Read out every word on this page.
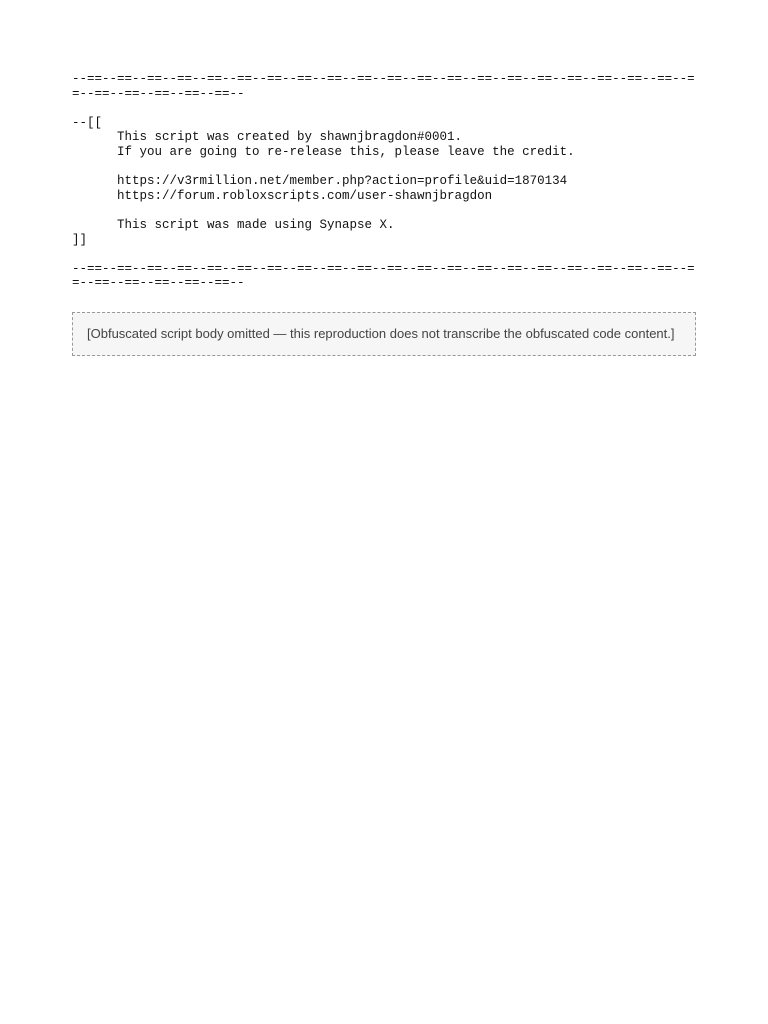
--==--==--==--==--==--==--==--==--==--==--==--==--==--==--==--==--==--==--==--==--==--==--==--==--==--==--

--[[

This script was created by shawnjbragdon#0001.

If you are going to re-release this, please leave the credit.

https://v3rmillion.net/member.php?action=profile&uid=1870134

https://forum.robloxscripts.com/user-shawnjbragdon

This script was made using Synapse X.

]]

--==--==--==--==--==--==--==--==--==--==--==--==--==--==--==--==--==--==--==--==--==--==--==--==--==--==--

[Obfuscated script body omitted — this reproduction does not transcribe the obfuscated code content.]
